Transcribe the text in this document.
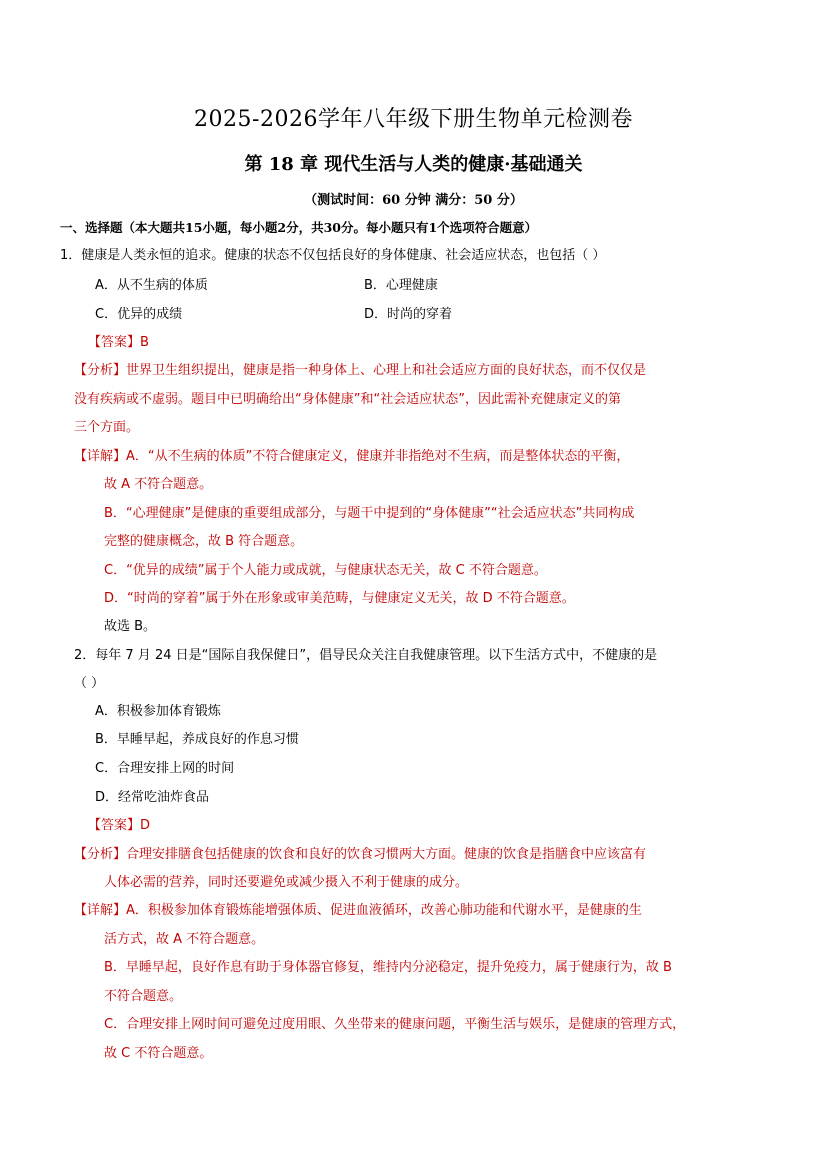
2025-2026学年八年级下册生物单元检测卷
第 18 章 现代生活与人类的健康·基础通关
（测试时间：60 分钟 满分：50 分）
一、选择题（本大题共15小题，每小题2分，共30分。每小题只有1个选项符合题意）
1．健康是人类永恒的追求。健康的状态不仅包括良好的身体健康、社会适应状态，也包括（ ）
A．从不生病的体质	B．心理健康
C．优异的成绩	D．时尚的穿着
【答案】B
【分析】世界卫生组织提出，健康是指一种身体上、心理上和社会适应方面的良好状态，而不仅仅是
没有疾病或不虚弱。题目中已明确给出“身体健康”和“社会适应状态”，因此需补充健康定义的第
三个方面。
【详解】A．“从不生病的体质”不符合健康定义，健康并非指绝对不生病，而是整体状态的平衡，
故 A 不符合题意。
B．“心理健康”是健康的重要组成部分，与题干中提到的“身体健康”“社会适应状态”共同构成
完整的健康概念，故 B 符合题意。
C．“优异的成绩”属于个人能力或成就，与健康状态无关，故 C 不符合题意。
D．“时尚的穿着”属于外在形象或审美范畴，与健康定义无关，故 D 不符合题意。
故选 B。
2．每年 7 月 24 日是“国际自我保健日”，倡导民众关注自我健康管理。以下生活方式中，不健康的是
（ ）
A．积极参加体育锻炼
B．早睡早起，养成良好的作息习惯
C．合理安排上网的时间
D．经常吃油炸食品
【答案】D
【分析】合理安排膳食包括健康的饮食和良好的饮食习惯两大方面。健康的饮食是指膳食中应该富有
人体必需的营养，同时还要避免或减少摄入不利于健康的成分。
【详解】A．积极参加体育锻炼能增强体质、促进血液循环，改善心肺功能和代谢水平，是健康的生
活方式，故 A 不符合题意。
B．早睡早起，良好作息有助于身体器官修复，维持内分泌稳定，提升免疫力，属于健康行为，故 B
不符合题意。
C．合理安排上网时间可避免过度用眼、久坐带来的健康问题，平衡生活与娱乐，是健康的管理方式，
故 C 不符合题意。
